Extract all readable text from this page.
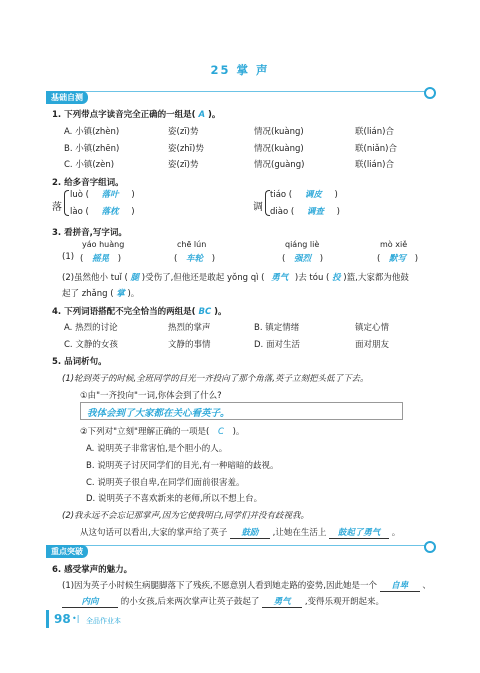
25 掌 声
基础自测
1. 下列带点字读音完全正确的一组是( A )。
A. 小镇(zhèn)	姿(zī)势	情况(kuàng)	联(lián)合
B. 小镇(zhēn)	姿(zhī)势	情况(kuàng)	联(niǎn)合
C. 小镇(zèn)	姿(zī)势	情况(guàng)	联(lián)合
2. 给多音字组词。
落
luò ( 落叶 )
lào ( 落枕 )	调
tiáo ( 调皮 )
diào ( 调查 )
3. 看拼音,写字词。
yáo huàng	chē lún	qiáng liè	mò xiě
(1) ( 摇晃 )	( 车轮 )	( 强烈 )	( 默写 )
(2)虽然他小 tuǐ ( 腿 )受伤了,但他还是敢起 yǒng qì ( 勇气 )去 tóu ( 投 )篮,大家都为他鼓
起了 zhǎng ( 掌 )。
4. 下列词语搭配不完全恰当的两组是( BC )。
A. 热烈的讨论	热烈的掌声	B. 镇定情绪	镇定心情
C. 文静的女孩	文静的事情	D. 面对生活	面对朋友
5. 品词析句。
(1)轮到英子的时候,全班同学的目光一齐投向了那个角落,英子立刻把头低了下去。
①由"一齐投向"一词,你体会到了什么?
我体会到了大家都在关心看英子。
②下列对"立刻"理解正确的一项是( C )。
A. 说明英子非常害怕,是个胆小的人。
B. 说明英子讨厌同学们的目光,有一种暗暗的歧视。
C. 说明英子很自卑,在同学们面前很害羞。
D. 说明英子不喜欢新来的老师,所以不想上台。
(2)我永远不会忘记那掌声,因为它使我明白,同学们并没有歧视我。
从这句话可以看出,大家的掌声给了英子 鼓励 ,让她在生活上 鼓起了勇气 。
重点突破
6. 感受掌声的魅力。
(1)因为英子小时候生病腿脚落下了残疾,不愿意别人看到她走路的姿势,因此她是一个 自卑 、
内向	的小女孩,后来两次掌声让英子鼓起了 勇气 ,变得乐观开朗起来。
98 •| 全品作业本
